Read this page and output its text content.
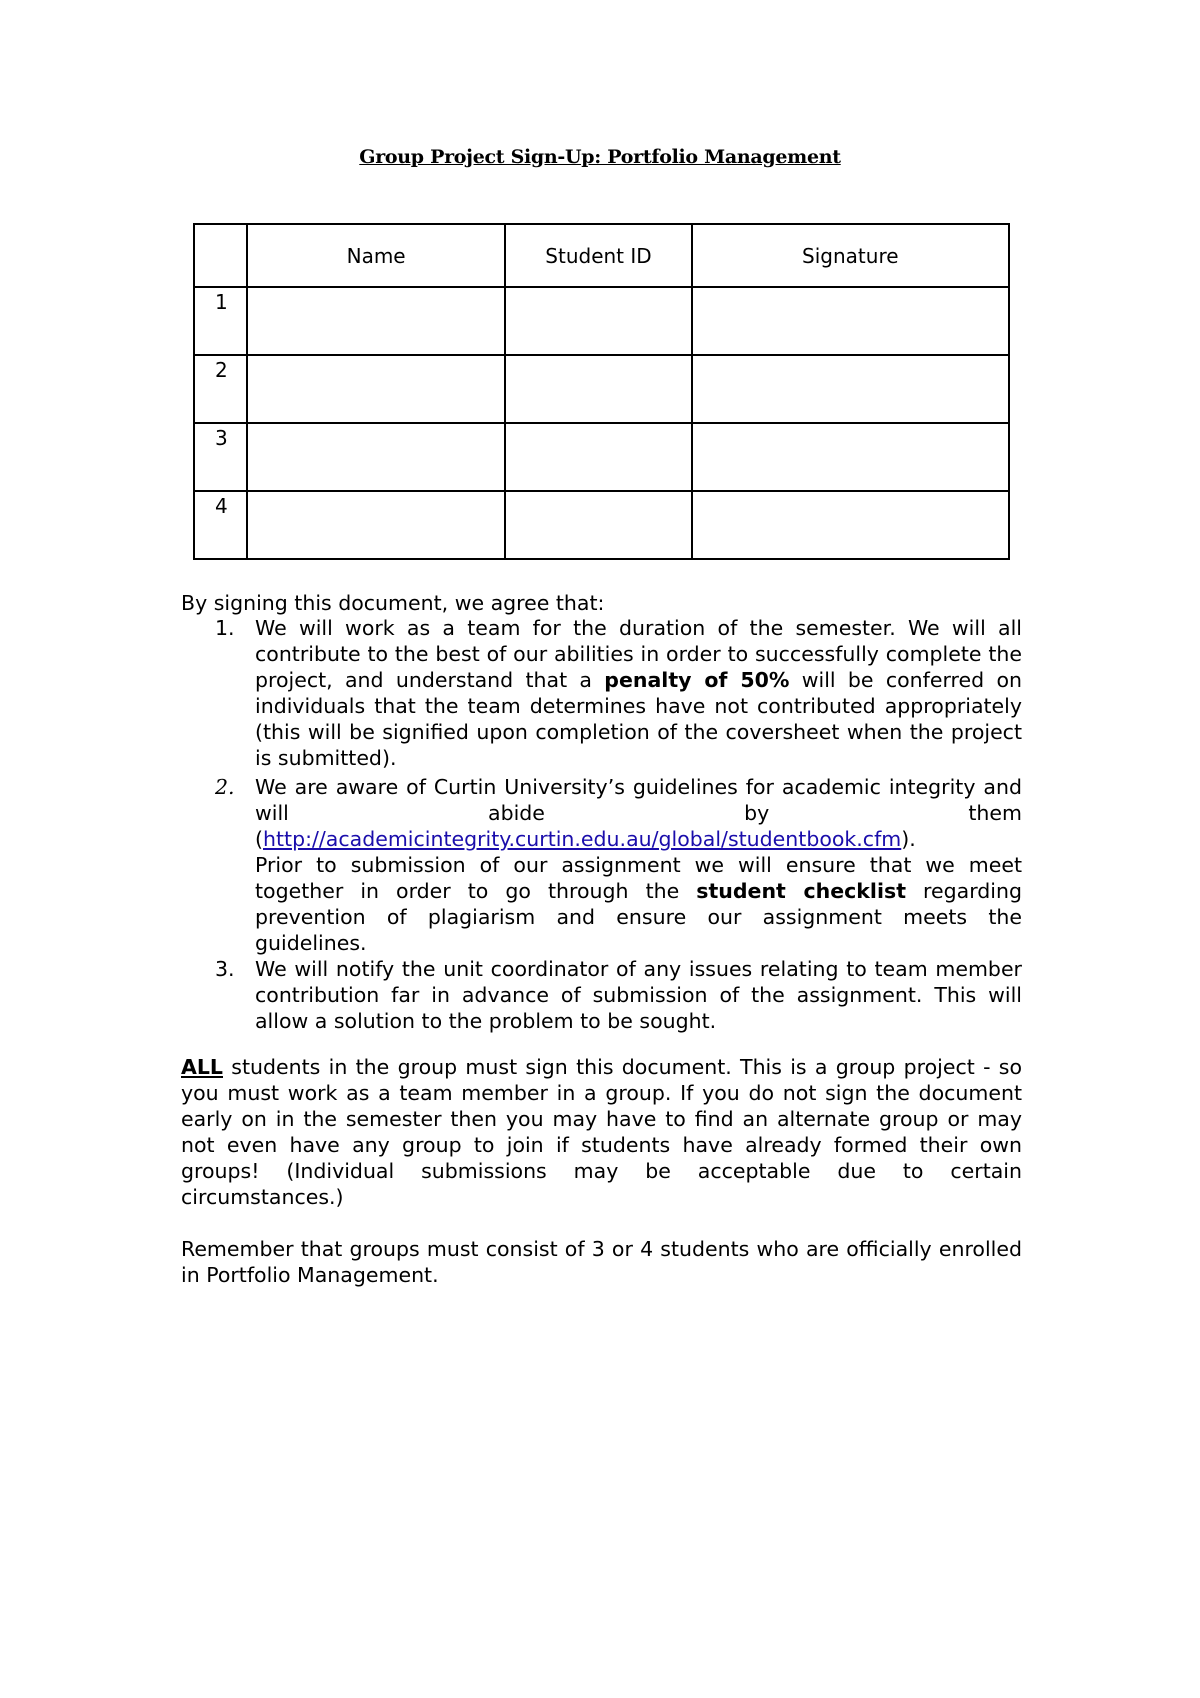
Group Project Sign-Up: Portfolio Management
	Name	Student ID	Signature

1			

2			

3			

4			

By signing this document, we agree that:
1. We will work as a team for the duration of the semester. We will all contribute to the best of our abilities in order to successfully complete the project, and understand that a penalty of 50% will be conferred on individuals that the team determines have not contributed appropriately (this will be signified upon completion of the coversheet when the project is submitted).
2. We are aware of Curtin University’s guidelines for academic integrity and will abide by them (http://academicintegrity.curtin.edu.au/global/studentbook.cfm).
Prior to submission of our assignment we will ensure that we meet together in order to go through the student checklist regarding prevention of plagiarism and ensure our assignment meets the guidelines.
3. We will notify the unit coordinator of any issues relating to team member contribution far in advance of submission of the assignment. This will allow a solution to the problem to be sought.
ALL students in the group must sign this document. This is a group project - so you must work as a team member in a group. If you do not sign the document early on in the semester then you may have to find an alternate group or may not even have any group to join if students have already formed their own groups! (Individual submissions may be acceptable due to certain circumstances.)
Remember that groups must consist of 3 or 4 students who are officially enrolled in Portfolio Management.
